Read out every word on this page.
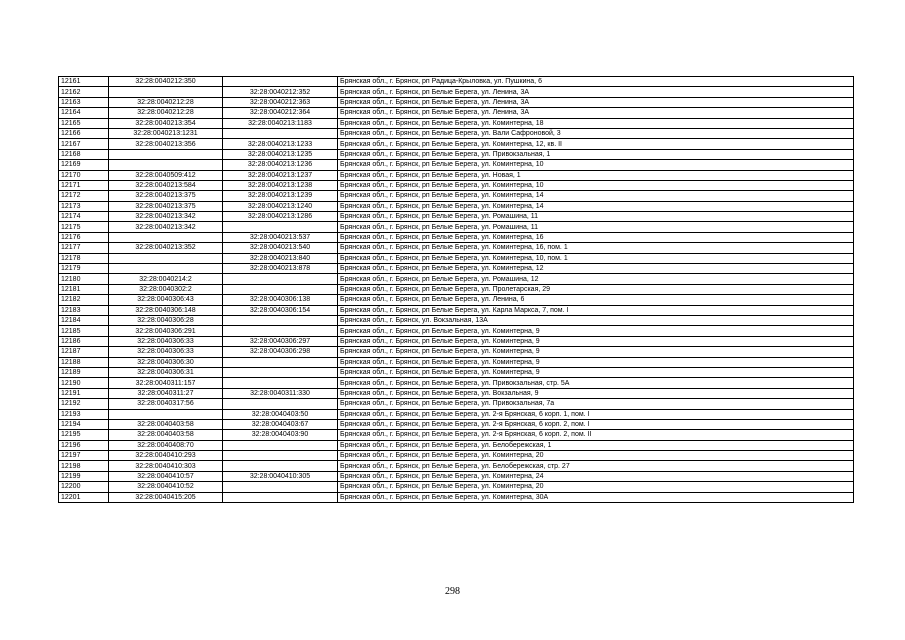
12161	32:28:0040212:350		Брянская обл., г. Брянск, рп Радица-Крыловка, ул. Пушкина, 6
12162		32:28:0040212:352	Брянская обл., г. Брянск, рп Белые Берега, ул. Ленина, 3А
12163	32:28:0040212:28	32:28:0040212:363	Брянская обл., г. Брянск, рп Белые Берега, ул. Ленина, 3А
12164	32:28:0040212:28	32:28:0040212:364	Брянская обл., г. Брянск, рп Белые Берега, ул. Ленина, 3А
12165	32:28:0040213:354	32:28:0040213:1183	Брянская обл., г. Брянск, рп Белые Берега, ул. Коминтерна, 18
12166	32:28:0040213:1231		Брянская обл., г. Брянск, рп Белые Берега, ул. Вали Сафроновой, 3
12167	32:28:0040213:356	32:28:0040213:1233	Брянская обл., г. Брянск, рп Белые Берега, ул. Коминтерна, 12, кв. II
12168		32:28:0040213:1235	Брянская обл., г. Брянск, рп Белые Берега, ул. Привокзальная, 1
12169		32:28:0040213:1236	Брянская обл., г. Брянск, рп Белые Берега, ул. Коминтерна, 10
12170	32:28:0040509:412	32:28:0040213:1237	Брянская обл., г. Брянск, рп Белые Берега, ул. Новая, 1
12171	32:28:0040213:584	32:28:0040213:1238	Брянская обл., г. Брянск, рп Белые Берега, ул. Коминтерна, 10
12172	32:28:0040213:375	32:28:0040213:1239	Брянская обл., г. Брянск, рп Белые Берега, ул. Коминтерна, 14
12173	32:28:0040213:375	32:28:0040213:1240	Брянская обл., г. Брянск, рп Белые Берега, ул. Коминтерна, 14
12174	32:28:0040213:342	32:28:0040213:1286	Брянская обл., г. Брянск, рп Белые Берега, ул. Ромашина, 11
12175	32:28:0040213:342		Брянская обл., г. Брянск, рп Белые Берега, ул. Ромашина, 11
12176		32:28:0040213:537	Брянская обл., г. Брянск, рп Белые Берега, ул. Коминтерна, 16
12177	32:28:0040213:352	32:28:0040213:540	Брянская обл., г. Брянск, рп Белые Берега, ул. Коминтерна, 16, пом. 1
12178		32:28:0040213:840	Брянская обл., г. Брянск, рп Белые Берега, ул. Коминтерна, 10, пом. 1
12179		32:28:0040213:878	Брянская обл., г. Брянск, рп Белые Берега, ул. Коминтерна, 12
12180	32:28:0040214:2		Брянская обл., г. Брянск, рп Белые Берега, ул. Ромашина, 12
12181	32:28:0040302:2		Брянская обл., г. Брянск, рп Белые Берега, ул. Пролетарская, 29
12182	32:28:0040306:43	32:28:0040306:138	Брянская обл., г. Брянск, рп Белые Берега, ул. Ленина, 6
12183	32:28:0040306:148	32:28:0040306:154	Брянская обл., г. Брянск, рп Белые Берега, ул. Карла Маркса, 7, пом. I
12184	32:28:0040306:28		Брянская обл., г. Брянск, ул. Вокзальная, 13А
12185	32:28:0040306:291		Брянская обл., г. Брянск, рп Белые Берега, ул. Коминтерна, 9
12186	32:28:0040306:33	32:28:0040306:297	Брянская обл., г. Брянск, рп Белые Берега, ул. Коминтерна, 9
12187	32:28:0040306:33	32:28:0040306:298	Брянская обл., г. Брянск, рп Белые Берега, ул. Коминтерна, 9
12188	32:28:0040306:30		Брянская обл., г. Брянск, рп Белые Берега, ул. Коминтерна, 9
12189	32:28:0040306:31		Брянская обл., г. Брянск, рп Белые Берега, ул. Коминтерна, 9
12190	32:28:0040311:157		Брянская обл., г. Брянск, рп Белые Берега, ул. Привокзальная, стр. 5А
12191	32:28:0040311:27	32:28:0040311:330	Брянская обл., г. Брянск, рп Белые Берега, ул. Вокзальная, 9
12192	32:28:0040317:56		Брянская обл., г. Брянск, рп Белые Берега, ул. Привокзальная, 7а
12193		32:28:0040403:50	Брянская обл., г. Брянск, рп Белые Берега, ул. 2-я Брянская, 6 корп. 1, пом. I
12194	32:28:0040403:58	32:28:0040403:67	Брянская обл., г. Брянск, рп Белые Берега, ул. 2-я Брянская, 6 корп. 2, пом. I
12195	32:28:0040403:58	32:28:0040403:90	Брянская обл., г. Брянск, рп Белые Берега, ул. 2-я Брянская, 6 корп. 2, пом. II
12196	32:28:0040408:70		Брянская обл., г. Брянск, рп Белые Берега, ул. Белобережская, 1
12197	32:28:0040410:293		Брянская обл., г. Брянск, рп Белые Берега, ул. Коминтерна, 20
12198	32:28:0040410:303		Брянская обл., г. Брянск, рп Белые Берега, ул. Белобережская, стр. 27
12199	32:28:0040410:57	32:28:0040410:305	Брянская обл., г. Брянск, рп Белые Берега, ул. Коминтерна, 24
12200	32:28:0040410:52		Брянская обл., г. Брянск, рп Белые Берега, ул. Коминтерна, 20
12201	32:28:0040415:205		Брянская обл., г. Брянск, рп Белые Берега, ул. Коминтерна, 30А
298
